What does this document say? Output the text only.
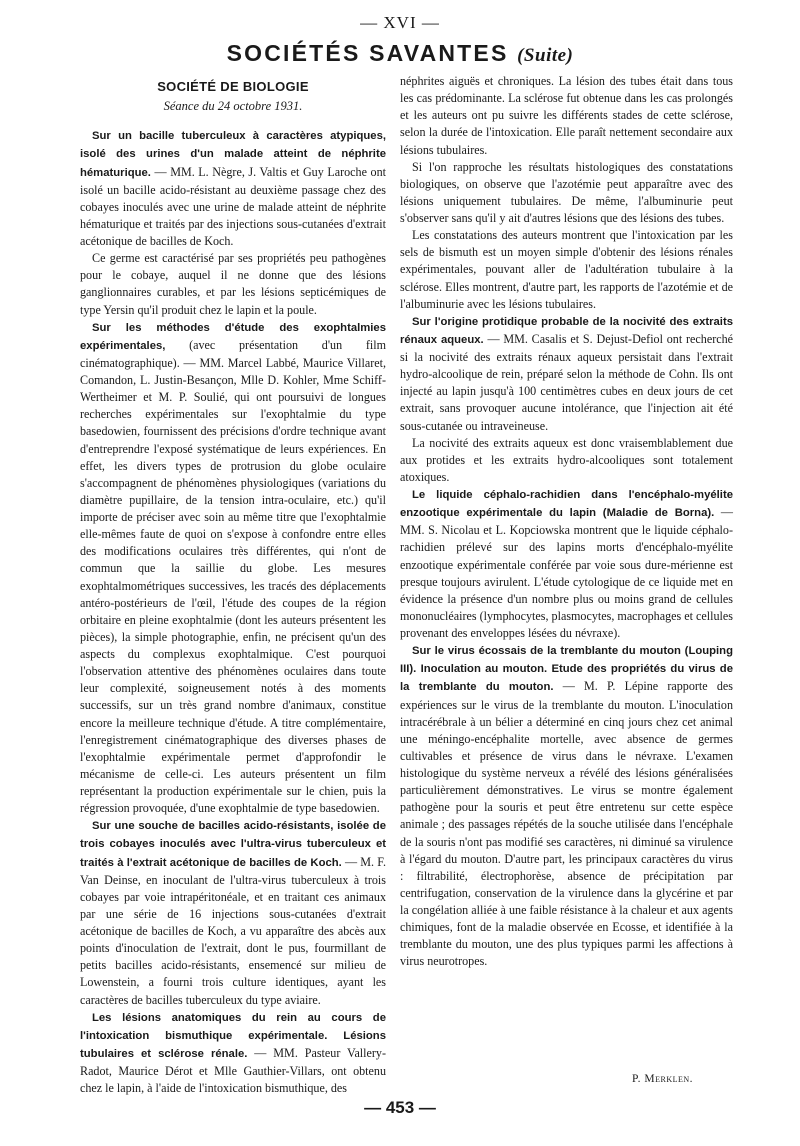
— XVI —
SOCIÉTÉS SAVANTES (Suite)
SOCIÉTÉ DE BIOLOGIE
Séance du 24 octobre 1931.

Sur un bacille tuberculeux à caractères atypiques, isolé des urines d'un malade atteint de néphrite hématurique. — MM. L. Nègre, J. Valtis et Guy Laroche ont isolé un bacille acido-résistant au deuxième passage chez des cobayes inoculés avec une urine de malade atteint de néphrite hématurique et traités par des injections sous-cutanées d'extrait acétonique de bacilles de Koch.

Ce germe est caractérisé par ses propriétés peu pathogènes pour le cobaye, auquel il ne donne que des lésions ganglionnaires curables, et par les lésions septicémiques de type Yersin qu'il produit chez le lapin et la poule.

Sur les méthodes d'étude des exophtalmies expérimentales, (avec présentation d'un film cinématographique). — MM. Marcel Labbé, Maurice Villaret, Comandon, L. Justin-Besançon, Mlle D. Kohler, Mme Schiff-Wertheimer et M. P. Soulié, qui ont poursuivi de longues recherches expérimentales sur l'exophtalmie du type basedowien, fournissent des précisions d'ordre technique avant d'entreprendre l'exposé systématique de leurs expériences. En effet, les divers types de protrusion du globe oculaire s'accompagnent de phénomènes physiologiques (variations du diamètre pupillaire, de la tension intra-oculaire, etc.) qu'il importe de préciser avec soin au même titre que l'exophtalmie elle-mêmes faute de quoi on s'expose à confondre entre elles des modifications oculaires très différentes, qui n'ont de commun que la saillie du globe. Les mesures exophtalmométriques successives, les tracés des déplacements antéro-postérieurs de l'œil, l'étude des coupes de la région orbitaire en pleine exophtalmie (dont les auteurs présentent les pièces), la simple photographie, enfin, ne précisent qu'un des aspects du complexus exophtalmique. C'est pourquoi l'observation attentive des phénomènes oculaires dans toute leur complexité, soigneusement notés à des moments successifs, sur un très grand nombre d'animaux, constitue encore la meilleure technique d'étude. A titre complémentaire, l'enregistrement cinématographique des diverses phases de l'exophtalmie expérimentale permet d'approfondir le mécanisme de celle-ci. Les auteurs présentent un film représentant la production expérimentale sur le chien, puis la régression provoquée, d'une exophtalmie de type basedowien.

Sur une souche de bacilles acido-résistants, isolée de trois cobayes inoculés avec l'ultra-virus tuberculeux et traités à l'extrait acétonique de bacilles de Koch. — M. F. Van Deinse, en inoculant de l'ultra-virus tuberculeux à trois cobayes par voie intrapéritonéale, et en traitant ces animaux par une série de 16 injections sous-cutanées d'extrait acétonique de bacilles de Koch, a vu apparaître des abcès aux points d'inoculation de l'extrait, dont le pus, fourmillant de petits bacilles acido-résistants, ensemencé sur milieu de Lowenstein, a fourni trois culture identiques, ayant les caractères de bacilles tuberculeux du type aviaire.

Les lésions anatomiques du rein au cours de l'intoxication bismuthique expérimentale. Lésions tubulaires et sclérose rénale. — MM. Pasteur Vallery-Radot, Maurice Dérot et Mlle Gauthier-Villars, ont obtenu chez le lapin, à l'aide de l'intoxication bismuthique, des

néphrites aiguës et chroniques. La lésion des tubes était dans tous les cas prédominante. La sclérose fut obtenue dans les cas prolongés et les auteurs ont pu suivre les différents stades de cette sclérose, selon la durée de l'intoxication. Elle paraît nettement secondaire aux lésions tubulaires.

Si l'on rapproche les résultats histologiques des constatations biologiques, on observe que l'azotémie peut apparaître avec des lésions uniquement tubulaires. De même, l'albuminurie peut s'observer sans qu'il y ait d'autres lésions que des lésions des tubes.

Les constatations des auteurs montrent que l'intoxication par les sels de bismuth est un moyen simple d'obtenir des lésions rénales expérimentales, pouvant aller de l'adultération tubulaire à la sclérose. Elles montrent, d'autre part, les rapports de l'azotémie et de l'albuminurie avec les lésions tubulaires.

Sur l'origine protidique probable de la nocivité des extraits rénaux aqueux. — MM. Casalis et S. Dejust-Defiol ont recherché si la nocivité des extraits rénaux aqueux persistait dans l'extrait hydro-alcoolique de rein, préparé selon la méthode de Cohn. Ils ont injecté au lapin jusqu'à 100 centimètres cubes en deux jours de cet extrait, sans provoquer aucune intolérance, que l'injection ait été sous-cutanée ou intraveineuse.

La nocivité des extraits aqueux est donc vraisemblablement due aux protides et les extraits hydro-alcooliques sont totalement atoxiques.

Le liquide céphalo-rachidien dans l'encéphalo-myélite enzootique expérimentale du lapin (Maladie de Borna). — MM. S. Nicolau et L. Kopciowska montrent que le liquide céphalo-rachidien prélevé sur des lapins morts d'encéphalo-myélite enzootique expérimentale conférée par voie sous dure-mérienne est presque toujours avirulent. L'étude cytologique de ce liquide met en évidence la présence d'un nombre plus ou moins grand de cellules mononucléaires (lymphocytes, plasmocytes, macrophages et cellules provenant des enveloppes lésées du névraxe).

Sur le virus écossais de la tremblante du mouton (Louping III). Inoculation au mouton. Etude des propriétés du virus de la tremblante du mouton. — M. P. Lépine rapporte des expériences sur le virus de la tremblante du mouton. L'inoculation intracérébrale à un bélier a déterminé en cinq jours chez cet animal une méningo-encéphalite mortelle, avec absence de germes cultivables et présence de virus dans le névraxe. L'examen histologique du système nerveux a révélé des lésions généralisées particulièrement démonstratives. Le virus se montre également pathogène pour la souris et peut être entretenu sur cette espèce animale ; des passages répétés de la souche utilisée dans l'encéphale de la souris n'ont pas modifié ses caractères, ni diminué sa virulence à l'égard du mouton. D'autre part, les principaux caractères du virus : filtrabilité, électrophorèse, absence de précipitation par centrifugation, conservation de la virulence dans la glycérine et par la congélation alliée à une faible résistance à la chaleur et aux agents chimiques, font de la maladie observée en Ecosse, et identifiée à la tremblante du mouton, une des plus typiques parmi les affections à virus neurotropes.

P. Merklen.
— 453 —
